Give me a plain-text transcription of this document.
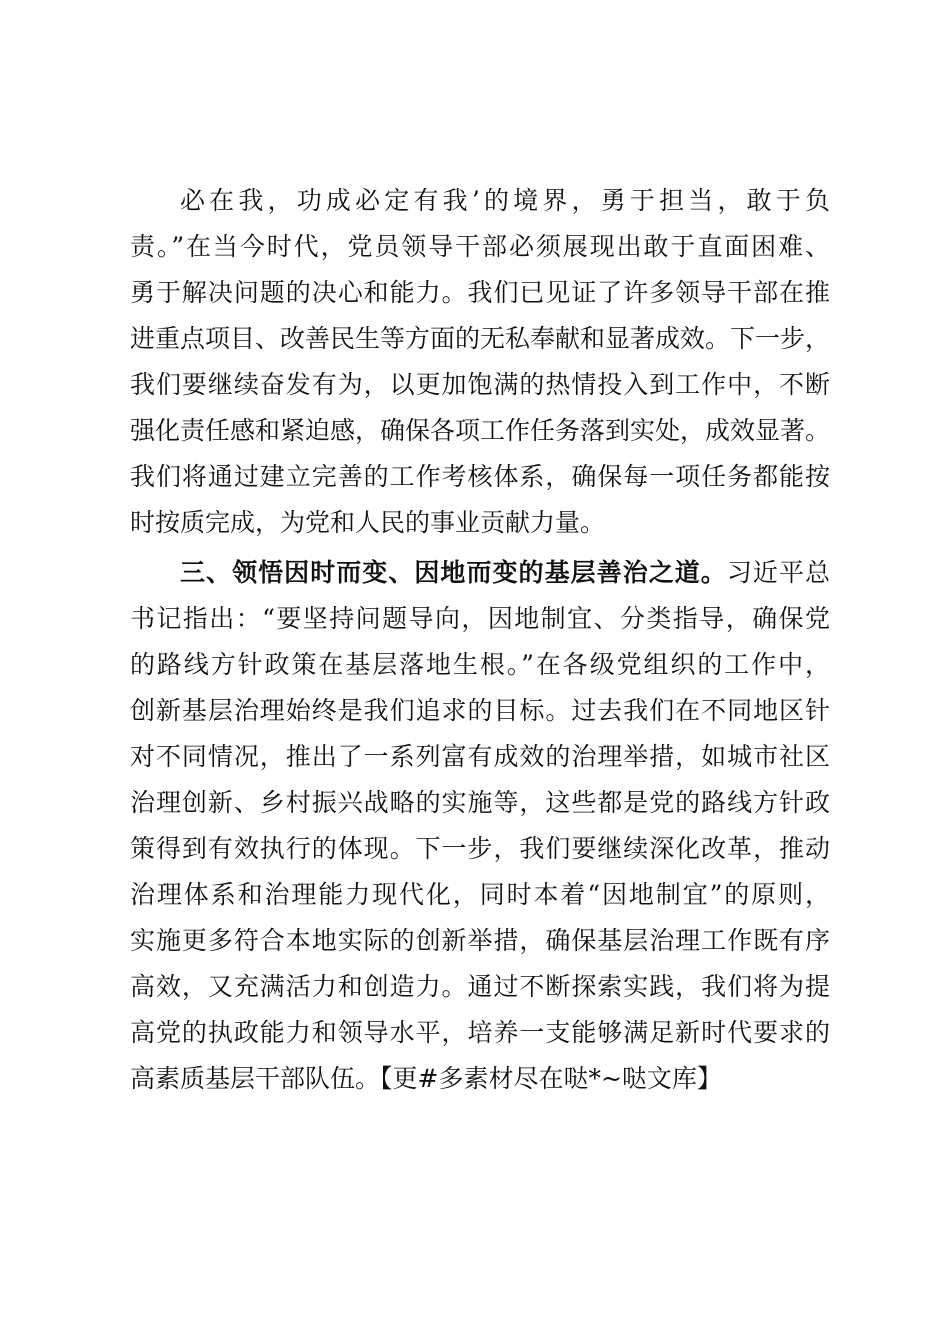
必在我，功成必定有我’的境界，勇于担当，敢于负
责。”在当今时代，党员领导干部必须展现出敢于直面困难、
勇于解决问题的决心和能力。我们已见证了许多领导干部在推
进重点项目、改善民生等方面的无私奉献和显著成效。下一步，
我们要继续奋发有为，以更加饱满的热情投入到工作中，不断
强化责任感和紧迫感，确保各项工作任务落到实处，成效显著。
我们将通过建立完善的工作考核体系，确保每一项任务都能按
时按质完成，为党和人民的事业贡献力量。
三、领悟因时而变、因地而变的基层善治之道。习近平总
书记指出：“要坚持问题导向，因地制宜、分类指导，确保党
的路线方针政策在基层落地生根。”在各级党组织的工作中，
创新基层治理始终是我们追求的目标。过去我们在不同地区针
对不同情况，推出了一系列富有成效的治理举措，如城市社区
治理创新、乡村振兴战略的实施等，这些都是党的路线方针政
策得到有效执行的体现。下一步，我们要继续深化改革，推动
治理体系和治理能力现代化，同时本着“因地制宜”的原则，
实施更多符合本地实际的创新举措，确保基层治理工作既有序
高效，又充满活力和创造力。通过不断探索实践，我们将为提
高党的执政能力和领导水平，培养一支能够满足新时代要求的
高素质基层干部队伍。【更#多素材尽在哒*~哒文库】
